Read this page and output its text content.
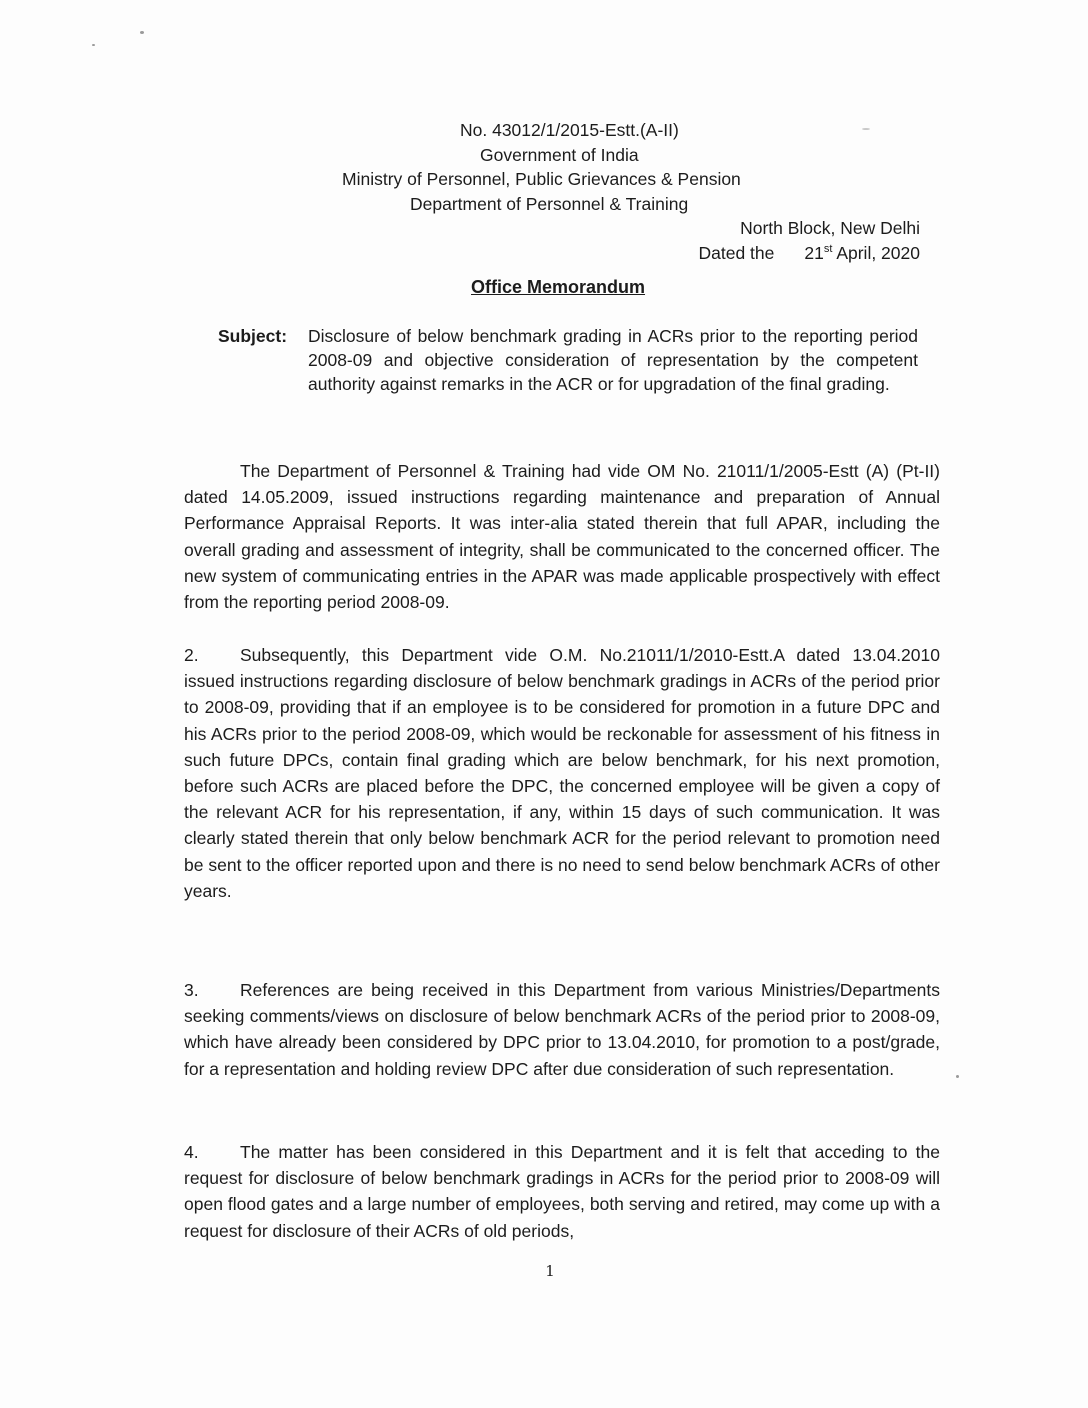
No. 43012/1/2015-Estt.(A-II)
Government of India
Ministry of Personnel, Public Grievances & Pension
Department of Personnel & Training
North Block, New Delhi
Dated the 21st April, 2020
Office Memorandum
Subject: Disclosure of below benchmark grading in ACRs prior to the reporting period 2008-09 and objective consideration of representation by the competent authority against remarks in the ACR or for upgradation of the final grading.
The Department of Personnel & Training had vide OM No. 21011/1/2005-Estt (A) (Pt-II) dated 14.05.2009, issued instructions regarding maintenance and preparation of Annual Performance Appraisal Reports. It was inter-alia stated therein that full APAR, including the overall grading and assessment of integrity, shall be communicated to the concerned officer. The new system of communicating entries in the APAR was made applicable prospectively with effect from the reporting period 2008-09.
2. Subsequently, this Department vide O.M. No.21011/1/2010-Estt.A dated 13.04.2010 issued instructions regarding disclosure of below benchmark gradings in ACRs of the period prior to 2008-09, providing that if an employee is to be considered for promotion in a future DPC and his ACRs prior to the period 2008-09, which would be reckonable for assessment of his fitness in such future DPCs, contain final grading which are below benchmark, for his next promotion, before such ACRs are placed before the DPC, the concerned employee will be given a copy of the relevant ACR for his representation, if any, within 15 days of such communication. It was clearly stated therein that only below benchmark ACR for the period relevant to promotion need be sent to the officer reported upon and there is no need to send below benchmark ACRs of other years.
3. References are being received in this Department from various Ministries/Departments seeking comments/views on disclosure of below benchmark ACRs of the period prior to 2008-09, which have already been considered by DPC prior to 13.04.2010, for promotion to a post/grade, for a representation and holding review DPC after due consideration of such representation.
4. The matter has been considered in this Department and it is felt that acceding to the request for disclosure of below benchmark gradings in ACRs for the period prior to 2008-09 will open flood gates and a large number of employees, both serving and retired, may come up with a request for disclosure of their ACRs of old periods,
1
